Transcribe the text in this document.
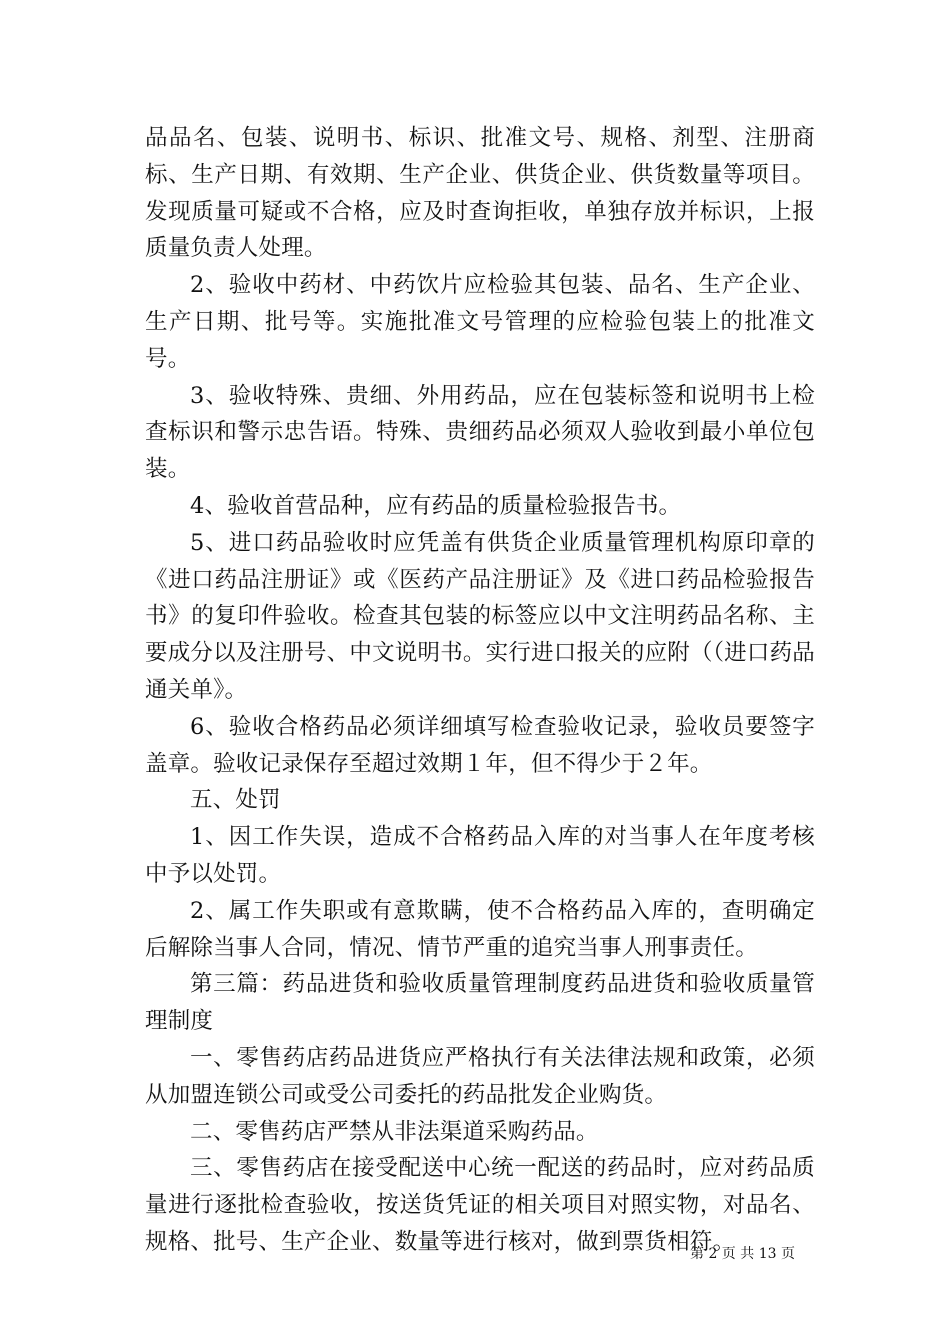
品品名、包装、说明书、标识、批准文号、规格、剂型、注册商标、生产日期、有效期、生产企业、供货企业、供货数量等项目。发现质量可疑或不合格，应及时查询拒收，单独存放并标识，上报质量负责人处理。

2、验收中药材、中药饮片应检验其包装、品名、生产企业、生产日期、批号等。实施批准文号管理的应检验包装上的批准文号。

3、验收特殊、贵细、外用药品，应在包装标签和说明书上检查标识和警示忠告语。特殊、贵细药品必须双人验收到最小单位包装。

4、验收首营品种，应有药品的质量检验报告书。

5、进口药品验收时应凭盖有供货企业质量管理机构原印章的《进口药品注册证》或《医药产品注册证》及《进口药品检验报告书》的复印件验收。检查其包装的标签应以中文注明药品名称、主要成分以及注册号、中文说明书。实行进口报关的应附（（进口药品通关单》。

6、验收合格药品必须详细填写检查验收记录，验收员要签字盖章。验收记录保存至超过效期１年，但不得少于２年。

五、处罚

1、因工作失误，造成不合格药品入库的对当事人在年度考核中予以处罚。

2、属工作失职或有意欺瞒，使不合格药品入库的，查明确定后解除当事人合同，情况、情节严重的追究当事人刑事责任。

第三篇：药品进货和验收质量管理制度药品进货和验收质量管理制度

一、零售药店药品进货应严格执行有关法律法规和政策，必须从加盟连锁公司或受公司委托的药品批发企业购货。

二、零售药店严禁从非法渠道采购药品。

三、零售药店在接受配送中心统一配送的药品时，应对药品质量进行逐批检查验收，按送货凭证的相关项目对照实物，对品名、规格、批号、生产企业、数量等进行核对，做到票货相符。

第 2 页 共 13 页
